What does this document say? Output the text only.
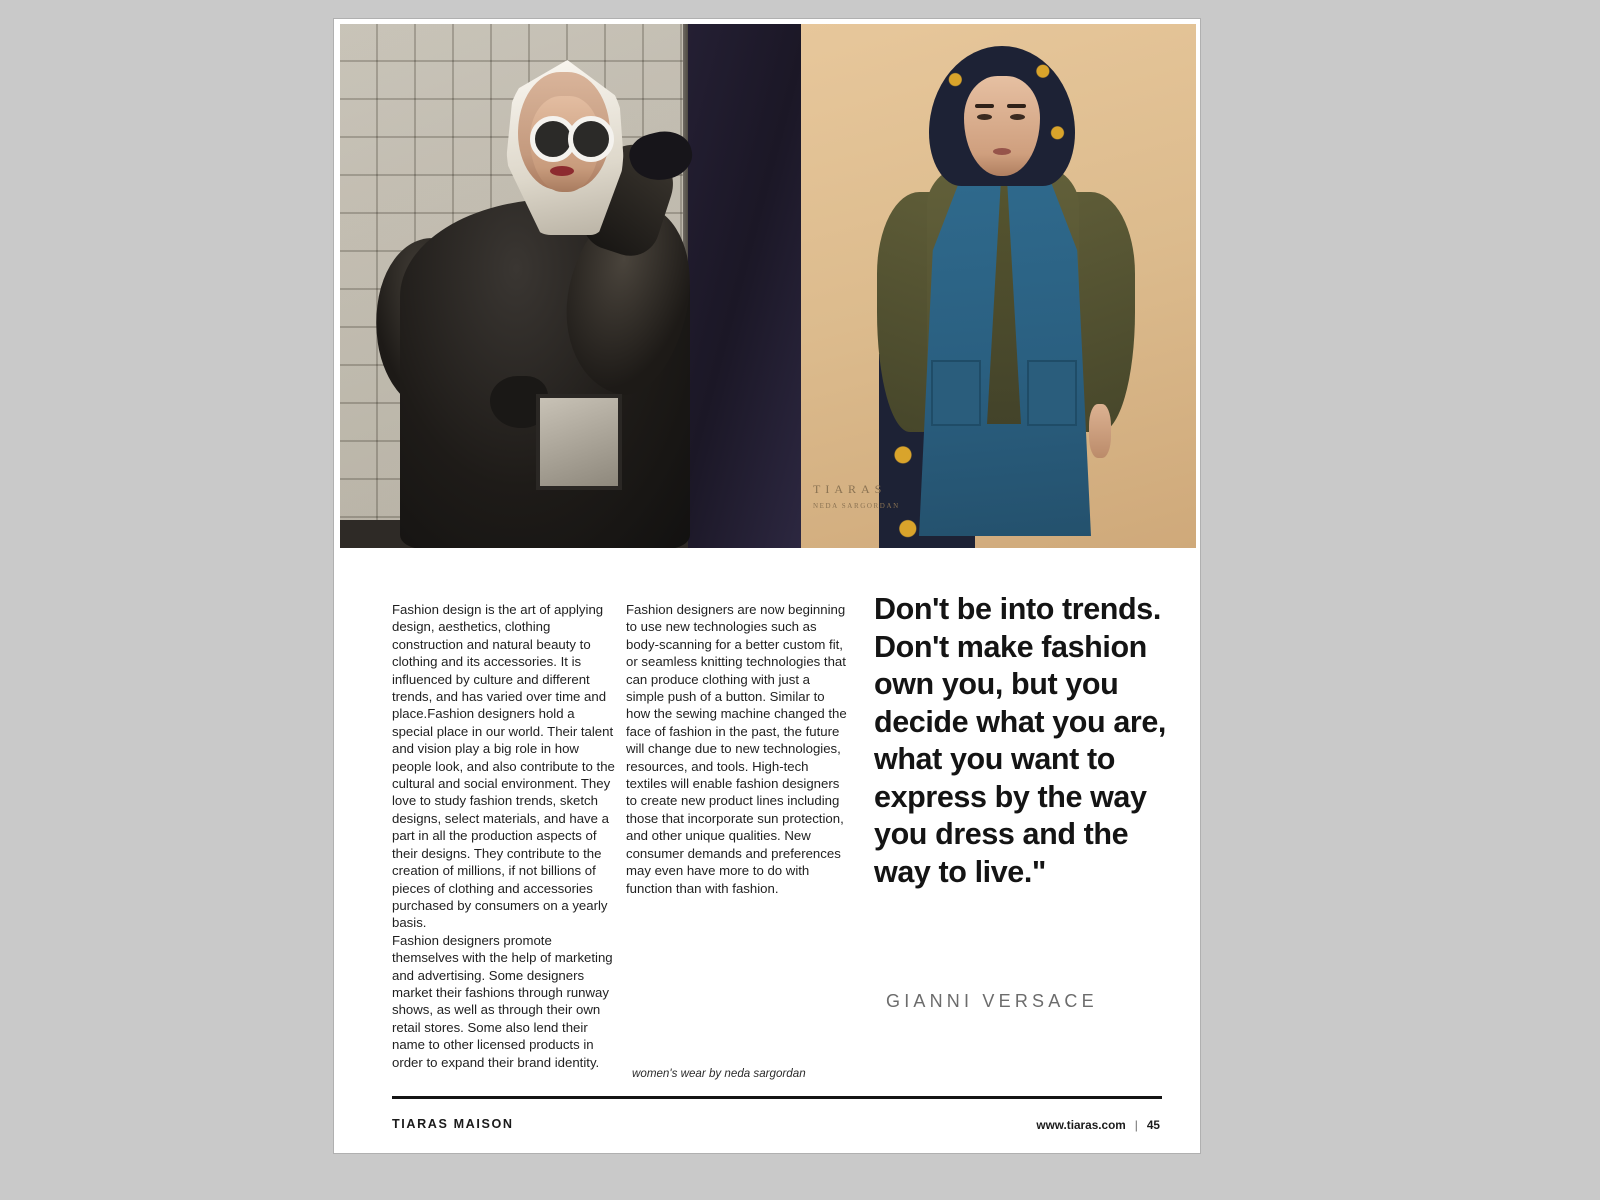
TIARAS
NEDA SARGORDAN

Fashion design is the art of applying design, aesthetics, clothing construction and natural beauty to clothing and its accessories. It is influenced by culture and different trends, and has varied over time and place.Fashion designers hold a special place in our world. Their talent and vision play a big role in how people look, and also contribute to the cultural and social environment. They love to study fashion trends, sketch designs, select materials, and have a part in all the production aspects of their designs. They contribute to the creation of millions, if not billions of pieces of clothing and accessories purchased by consumers on a yearly basis.

Fashion designers promote themselves with the help of marketing and advertising. Some designers market their fashions through runway shows, as well as through their own retail stores. Some also lend their name to other licensed products in order to expand their brand identity.

Fashion designers are now beginning to use new technologies such as body-scanning for a better custom fit, or seamless knitting technologies that can produce clothing with just a simple push of a button. Similar to how the sewing machine changed the face of fashion in the past, the future will change due to new technologies, resources, and tools. High-tech textiles will enable fashion designers to create new product lines including those that incorporate sun protection, and other unique qualities. New consumer demands and preferences may even have more to do with function than with fashion.

women's wear by neda sargordan
Don't be into trends. Don't make fashion own you, but you decide what you are, what you want to express by the way you dress and the way to live."
GIANNI VERSACE
TIARAS MAISON	www.tiaras.com | 45
